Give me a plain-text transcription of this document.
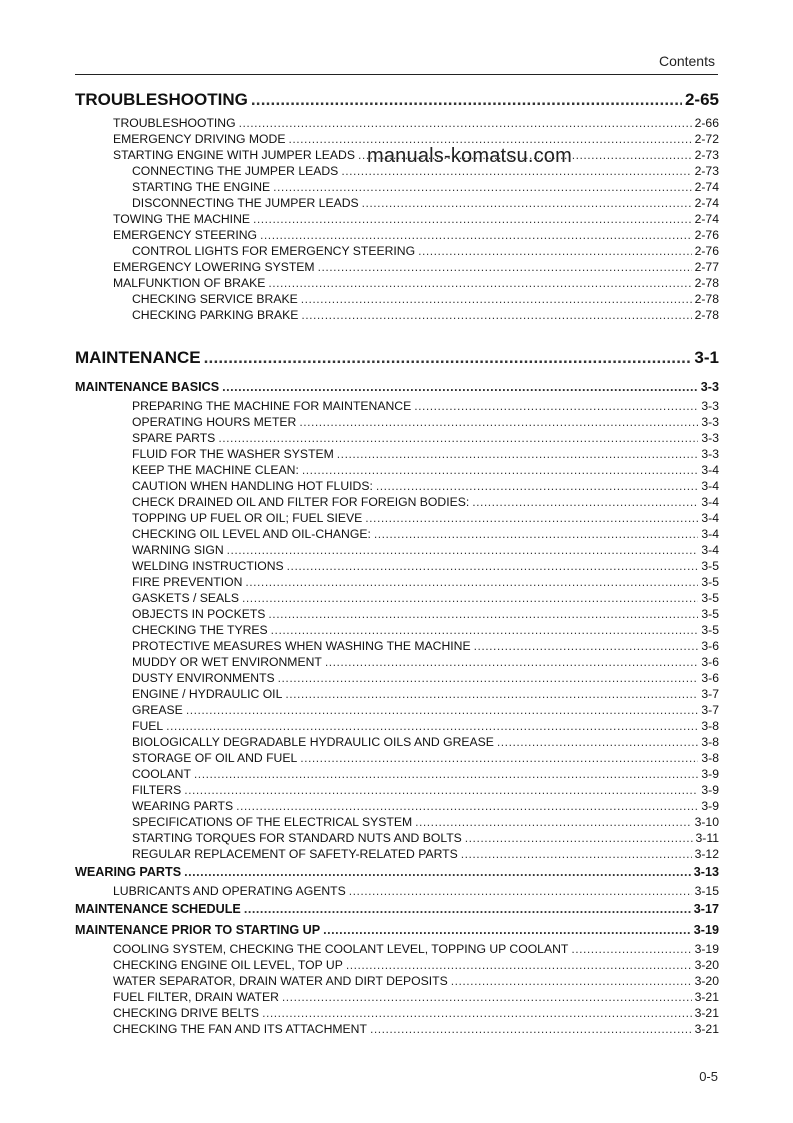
Contents
TROUBLESHOOTING .....	2-65
TROUBLESHOOTING .....	2-66
EMERGENCY DRIVING MODE .....	2-72
STARTING ENGINE WITH JUMPER LEADS .....	2-73
CONNECTING THE JUMPER LEADS .....	2-73
STARTING THE ENGINE .....	2-74
DISCONNECTING THE JUMPER LEADS .....	2-74
TOWING THE MACHINE .....	2-74
EMERGENCY STEERING .....	2-76
CONTROL LIGHTS FOR EMERGENCY STEERING .....	2-76
EMERGENCY LOWERING SYSTEM .....	2-77
MALFUNKTION OF BRAKE .....	2-78
CHECKING SERVICE BRAKE .....	2-78
CHECKING PARKING BRAKE .....	2-78
MAINTENANCE .....	3-1
MAINTENANCE BASICS .....	3-3
PREPARING THE MACHINE FOR MAINTENANCE .....	3-3
OPERATING HOURS METER .....	3-3
SPARE PARTS .....	3-3
FLUID FOR THE WASHER SYSTEM .....	3-3
KEEP THE MACHINE CLEAN: .....	3-4
CAUTION WHEN HANDLING HOT FLUIDS: .....	3-4
CHECK DRAINED OIL AND FILTER FOR FOREIGN BODIES: .....	3-4
TOPPING UP FUEL OR OIL; FUEL SIEVE .....	3-4
CHECKING OIL LEVEL AND OIL-CHANGE: .....	3-4
WARNING SIGN .....	3-4
WELDING INSTRUCTIONS .....	3-5
FIRE PREVENTION .....	3-5
GASKETS / SEALS .....	3-5
OBJECTS IN POCKETS .....	3-5
CHECKING THE TYRES .....	3-5
PROTECTIVE MEASURES WHEN WASHING THE MACHINE .....	3-6
MUDDY OR WET ENVIRONMENT .....	3-6
DUSTY ENVIRONMENTS .....	3-6
ENGINE / HYDRAULIC OIL .....	3-7
GREASE .....	3-7
FUEL .....	3-8
BIOLOGICALLY DEGRADABLE HYDRAULIC OILS AND GREASE .....	3-8
STORAGE OF OIL AND FUEL .....	3-8
COOLANT .....	3-9
FILTERS .....	3-9
WEARING PARTS .....	3-9
SPECIFICATIONS OF THE ELECTRICAL SYSTEM .....	3-10
STARTING TORQUES FOR STANDARD NUTS AND BOLTS .....	3-11
REGULAR REPLACEMENT OF SAFETY-RELATED PARTS .....	3-12
WEARING PARTS .....	3-13
LUBRICANTS AND OPERATING AGENTS .....	3-15
MAINTENANCE SCHEDULE .....	3-17
MAINTENANCE PRIOR TO STARTING UP .....	3-19
COOLING SYSTEM, CHECKING THE COOLANT LEVEL, TOPPING UP COOLANT .....	3-19
CHECKING ENGINE OIL LEVEL, TOP UP .....	3-20
WATER SEPARATOR, DRAIN WATER AND DIRT DEPOSITS .....	3-20
FUEL FILTER, DRAIN WATER .....	3-21
CHECKING DRIVE BELTS .....	3-21
CHECKING THE FAN AND ITS ATTACHMENT .....	3-21
manuals-komatsu.com
0-5
